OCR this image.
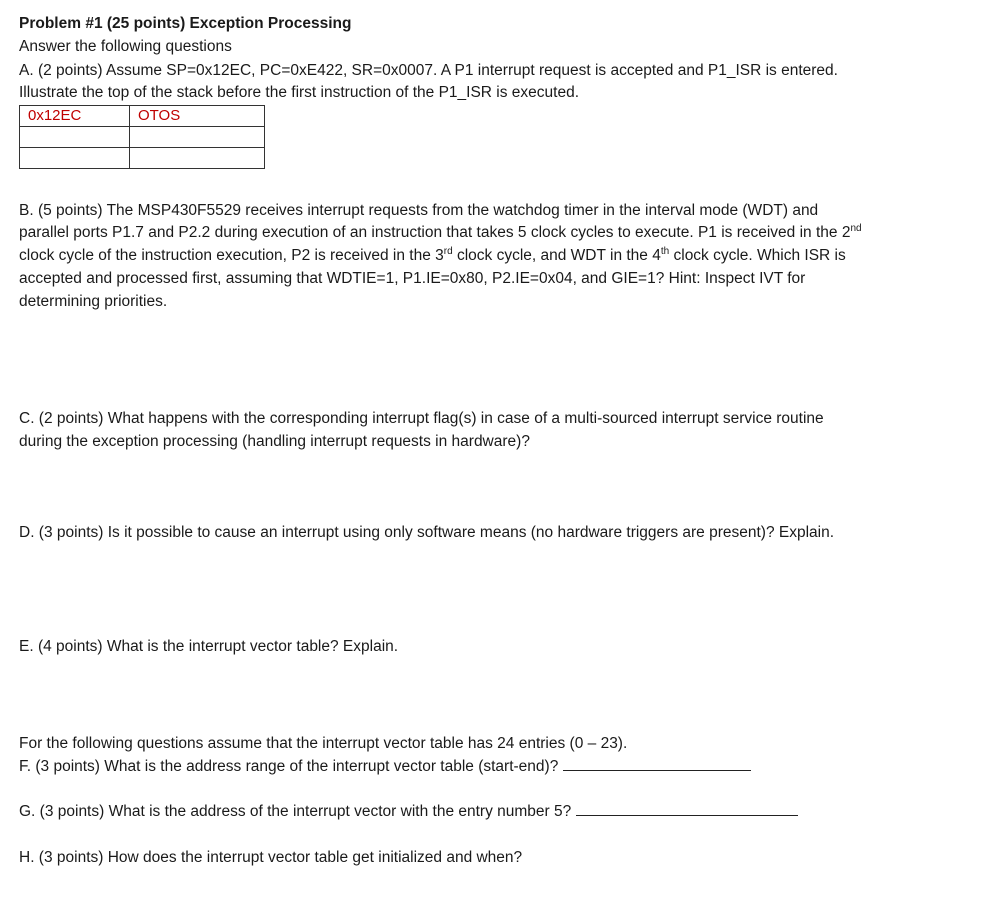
Problem #1 (25 points) Exception Processing
Answer the following questions
A. (2 points) Assume SP=0x12EC, PC=0xE422, SR=0x0007. A P1 interrupt request is accepted and P1_ISR is entered.
Illustrate the top of the stack before the first instruction of the P1_ISR is executed.
0x12EC	OTOS

B. (5 points) The MSP430F5529 receives interrupt requests from the watchdog timer in the interval mode (WDT) and
parallel ports P1.7 and P2.2 during execution of an instruction that takes 5 clock cycles to execute. P1 is received in the 2nd
clock cycle of the instruction execution, P2 is received in the 3rd clock cycle, and WDT in the 4th clock cycle. Which ISR is
accepted and processed first, assuming that WDTIE=1, P1.IE=0x80, P2.IE=0x04, and GIE=1? Hint: Inspect IVT for
determining priorities.
C. (2 points) What happens with the corresponding interrupt flag(s) in case of a multi-sourced interrupt service routine
during the exception processing (handling interrupt requests in hardware)?
D. (3 points) Is it possible to cause an interrupt using only software means (no hardware triggers are present)? Explain.
E. (4 points) What is the interrupt vector table? Explain.
For the following questions assume that the interrupt vector table has 24 entries (0 – 23).
F. (3 points) What is the address range of the interrupt vector table (start-end)?
G. (3 points) What is the address of the interrupt vector with the entry number 5?
H. (3 points) How does the interrupt vector table get initialized and when?
